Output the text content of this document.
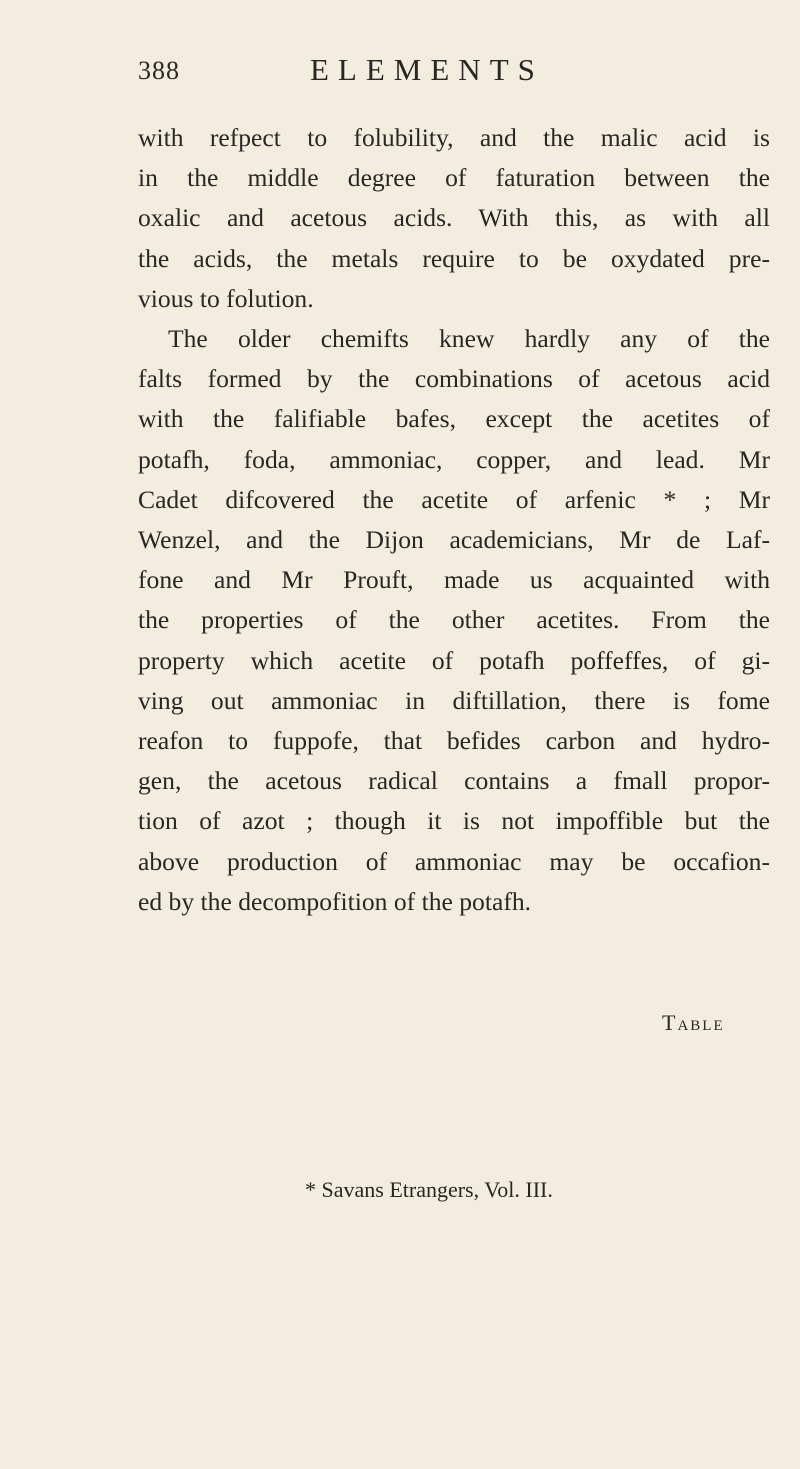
388	ELEMENTS
with refpect to folubility, and the malic acid is
in the middle degree of faturation between the
oxalic and acetous acids. With this, as with all
the acids, the metals require to be oxydated pre-
vious to folution.
The older chemifts knew hardly any of the
falts formed by the combinations of acetous acid
with the falifiable bafes, except the acetites of
potafh, foda, ammoniac, copper, and lead. Mr
Cadet difcovered the acetite of arfenic * ; Mr
Wenzel, and the Dijon academicians, Mr de Laf-
fone and Mr Prouft, made us acquainted with
the properties of the other acetites. From the
property which acetite of potafh poffeffes, of gi-
ving out ammoniac in diftillation, there is fome
reafon to fuppofe, that befides carbon and hydro-
gen, the acetous radical contains a fmall propor-
tion of azot ; though it is not impoffible but the
above production of ammoniac may be occafion-
ed by the decompofition of the potafh.
Table
* Savans Etrangers, Vol. III.
